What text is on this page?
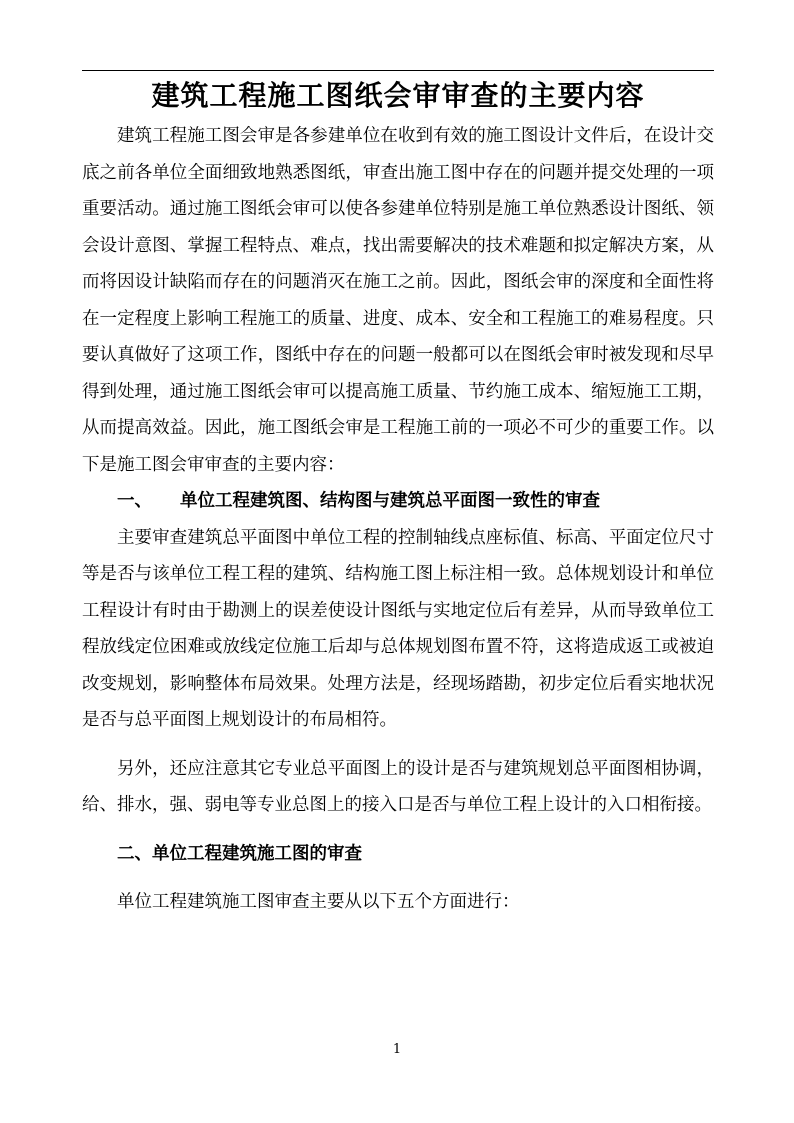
建筑工程施工图纸会审审查的主要内容

建筑工程施工图会审是各参建单位在收到有效的施工图设计文件后，在设计交底之前各单位全面细致地熟悉图纸，审查出施工图中存在的问题并提交处理的一项重要活动。通过施工图纸会审可以使各参建单位特别是施工单位熟悉设计图纸、领会设计意图、掌握工程特点、难点，找出需要解决的技术难题和拟定解决方案，从而将因设计缺陷而存在的问题消灭在施工之前。因此，图纸会审的深度和全面性将在一定程度上影响工程施工的质量、进度、成本、安全和工程施工的难易程度。只要认真做好了这项工作，图纸中存在的问题一般都可以在图纸会审时被发现和尽早得到处理，通过施工图纸会审可以提高施工质量、节约施工成本、缩短施工工期，从而提高效益。因此，施工图纸会审是工程施工前的一项必不可少的重要工作。以下是施工图会审审查的主要内容：

一、 单位工程建筑图、结构图与建筑总平面图一致性的审查

主要审查建筑总平面图中单位工程的控制轴线点座标值、标高、平面定位尺寸等是否与该单位工程工程的建筑、结构施工图上标注相一致。总体规划设计和单位工程设计有时由于勘测上的误差使设计图纸与实地定位后有差异，从而导致单位工程放线定位困难或放线定位施工后却与总体规划图布置不符，这将造成返工或被迫改变规划，影响整体布局效果。处理方法是，经现场踏勘，初步定位后看实地状况是否与总平面图上规划设计的布局相符。

另外，还应注意其它专业总平面图上的设计是否与建筑规划总平面图相协调，给、排水，强、弱电等专业总图上的接入口是否与单位工程上设计的入口相衔接。

二、单位工程建筑施工图的审查

单位工程建筑施工图审查主要从以下五个方面进行：

1
